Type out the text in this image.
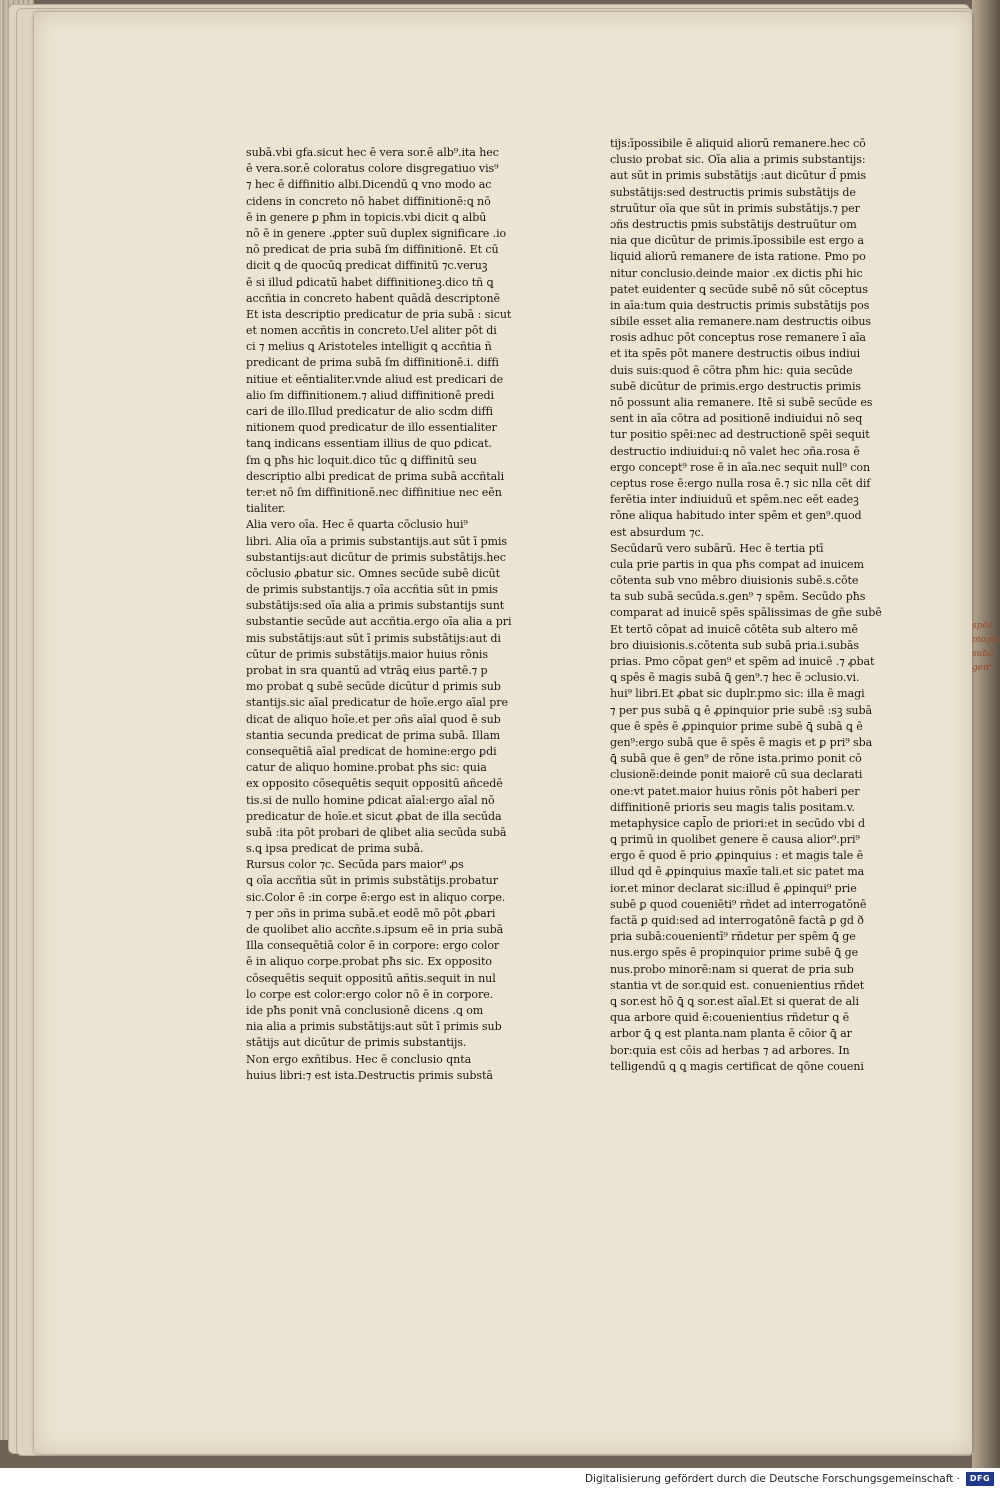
subā.vbi gfa.sicut hec ē vera sor.ē alb⁹.ita hec
ē vera.sor.ē coloratus colore disgregatiuo vis⁹
⁊ hec ē diffinitio albi.Dicendū ꝗ vno modo ac
cidens in concreto nō habet diffinitionē:ꝗ nō
ē in genere ꝑ pħm in topicis.vbi dicit ꝗ albū
nō ē in genere .ꝓpter suū duplex significare .io
nō predicat de pria subā ſm diffinitionē. Et cū
dicit ꝗ de quocūꝗ predicat diffinitū ⁊c.veruꝫ
ē si illud ꝑdicatū habet diffinitioneꝫ.dico tñ ꝗ
accñtia in concreto habent quādā descriptonē
Et ista descriptio predicatur de pria subā : sicut
et nomen accñtis in concreto.Uel aliter pōt di
ci ⁊ melius ꝗ Aristoteles intelligit ꝗ accñtia ñ
predicant de prima subā ſm diffinitionē.i. diffi
nitiue et eēntialiter.vnde aliud est predicari de
alio ſm diffinitionem.⁊ aliud diffinitionē predi
cari de illo.Illud predicatur de alio scdm diffi
nitionem quod predicatur de illo essentialiter
tanꝗ indicans essentiam illius de quo ꝑdicat.
ſm ꝗ pħs hic loquit.dico tūc ꝗ diffinitū seu
descriptio albi predicat de prima subā accñtali
ter:et nō ſm diffinitionē.nec diffinitiue nec eēn
tialiter.
Alia vero oīa. Hec ē quarta cōclusio hui⁹
libri. Alia oīa a primis substantijs.aut sūt ī pmis
substantijs:aut dicūtur de primis substātijs.hec
cōclusio ꝓbatur sic. Omnes secūde subē dicūt
de primis substantijs.⁊ oīa accñtia sūt in pmis
substātijs:sed oīa alia a primis substantijs sunt
substantie secūde aut accñtia.ergo oīa alia a pri
mis substātijs:aut sūt ī primis substātijs:aut di
cūtur de primis substātijs.maior huius rōnis
probat in sra quantū ad vtrāꝗ eius partē.⁊ p
mo probat ꝗ subē secūde dicūtur d primis sub
stantijs.sic aīal predicatur de hoīe.ergo aīal pre
dicat de aliquo hoīe.et per ɔñs aīal quod ē sub
stantia secunda predicat de prima subā. Illam
consequētiā aīal predicat de homine:ergo ꝑdi
catur de aliquo homine.probat pħs sic: quia
ex opposito cōsequētis sequit oppositū añcedē
tis.si de nullo homine ꝑdicat aīal:ergo aīal nō
predicatur de hoīe.et sicut ꝓbat de illa secūda
subā :ita pōt probari de ꝗlibet alia secūda subā
s.ꝗ ipsa predicat de prima subā.
Rursus color ⁊c. Secūda pars maior⁹ ꝓs
ꝗ oīa accñtia sūt in primis substātijs.probatur
sic.Color ē :in corpe ē:ergo est in aliquo corpe.
⁊ per ɔñs in prima subā.et eodē mō pōt ꝓbari
de quolibet alio accñte.s.ipsum eē in pria subā
Illa consequētiā color ē in corpore: ergo color
ē in aliquo corpe.probat pħs sic. Ex opposito
cōsequētis sequit oppositū añtis.sequit in nul
lo corpe est color:ergo color nō ē in corpore.
ide pħs ponit vnā conclusionē dicens .ꝗ om
nia alia a primis substātijs:aut sūt ī primis sub
stātijs aut dicūtur de primis substantijs.
Non ergo exñtibus. Hec ē conclusio qnta
huius libri:⁊ est ista.Destructis primis substā
tijs:īpossibile ē aliquid aliorū remanere.hec cō
clusio probat sic. Oīa alia a primis substantijs:
aut sūt in primis substātijs :aut dicūtur d̄ pmis
substātijs:sed destructis primis substātijs de
struūtur oīa que sūt in primis substātijs.⁊ per
ɔñs destructis pmis substātijs destruūtur om
nia que dicūtur de primis.īpossibile est ergo a
liquid aliorū remanere de ista ratione. Pmo po
nitur conclusio.deinde maior .ex dictis pħi hic
patet euidenter ꝗ secūde subē nō sūt cōceptus
in aīa:tum quia destructis primis substātijs pos
sibile esset alia remanere.nam destructis oibus
rosis adhuc pōt conceptus rose remanere ī aīa
et ita spēs pōt manere destructis oibus indiui
duis suis:quod ē cōtra pħm hic: quia secūde
subē dicūtur de primis.ergo destructis primis
nō possunt alia remanere. Itē si subē secūde es
sent in aīa cōtra ad positionē indiuidui nō seq
tur positio spēi:nec ad destructionē spēi sequit
destructio indiuidui:ꝗ nō valet hec ɔña.rosa ē
ergo concept⁹ rose ē in aīa.nec sequit null⁹ con
ceptus rose ē:ergo nulla rosa ē.⁊ sic nlla cēt dif
ferētia inter indiuiduū et spēm.nec eēt eadeꝫ
rōne aliqua habitudo inter spēm et gen⁹.quod
est absurdum ⁊c.
Secūdarū vero subārū. Hec ē tertia ptī
cula prie partis in qua pħs compat ad inuicem
cōtenta sub vno mēbro diuisionis subē.s.cōte
ta sub subā secūda.s.gen⁹ ⁊ spēm. Secūdo pħs
comparat ad inuicē spēs spālissimas de gn̄e subē
Et tertō cōpat ad inuicē cōtēta sub altero mē
bro diuisionis.s.cōtenta sub subā pria.i.subās
prias. Pmo cōpat gen⁹ et spēm ad inuicē .⁊ ꝓbat
ꝗ spēs ē magis subā ꝗ̄ gen⁹.⁊ hec ē ɔclusio.vi.
hui⁹ libri.Et ꝓbat sic duplr.pmo sic: illa ē magi
⁊ per pus subā ꝗ ē ꝓpinquior prie subē :sꝫ subā
que ē spēs ē ꝓpinquior prime subē ꝗ̄ subā ꝗ ē
gen⁹:ergo subā que ē spēs ē magis et ꝑ pri⁹ sba
ꝗ̄ subā que ē gen⁹ de rōne ista.primo ponit cō
clusionē:deinde ponit maiorē cū sua declarati
one:vt patet.maior huius rōnis pōt haberi per
diffinitionē prioris seu magis talis positam.v.
metaphysice capl̄o de priori:et in secūdo vbi d
ꝗ primū in quolibet genere ē causa alior⁹.pri⁹
ergo ē quod ē prio ꝓpinquius : et magis tale ē
illud qd ē ꝓpinquius maxīe tali.et sic patet ma
ior.et minor declarat sic:illud ē ꝓpinqui⁹ prie
subē ꝑ quod coueniēti⁹ rñdet ad interrogatōnē
factā ꝑ quid:sed ad interrogatōnē factā ꝑ gd ð
pria subā:couenientī⁹ rñdetur per spēm ꝗ̄ ge
nus.ergo spēs ē propinquior prime subē ꝗ̄ ge
nus.probo minorē:nam si querat de pria sub
stantia vt de sor.quid est. conuenientius rñdet
ꝗ sor.est hō ꝗ̄ ꝗ sor.est aīal.Et si querat de ali
qua arbore quid ē:couenientius rñdetur ꝗ ē
arbor ꝗ̄ ꝗ est planta.nam planta ē cōior ꝗ̄ ar
bor:quia est cōis ad herbas ⁊ ad arbores. In
telligendū ꝗ ꝗ magis certificat de qōne coueni
spēs
magis
subā
gen⁹
Digitalisierung gefördert durch die Deutsche Forschungsgemeinschaft ·	DFG
